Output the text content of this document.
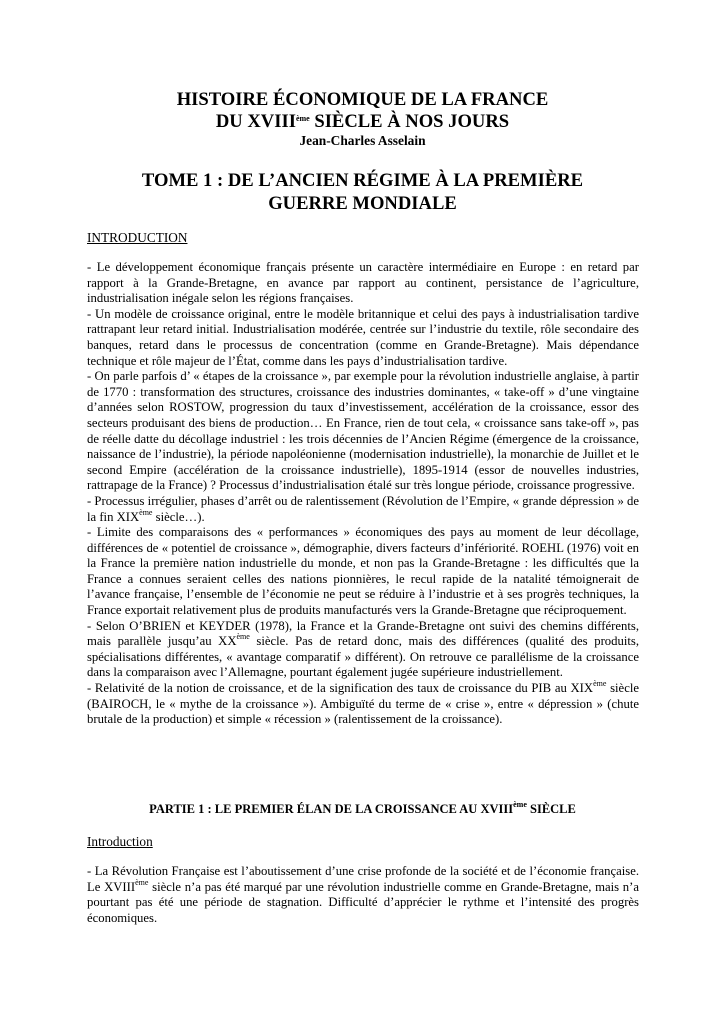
HISTOIRE ÉCONOMIQUE DE LA FRANCE
DU XVIIIème SIÈCLE À NOS JOURS
Jean-Charles Asselain
TOME 1 : DE L’ANCIEN RÉGIME À LA PREMIÈRE
GUERRE MONDIALE
INTRODUCTION

- Le développement économique français présente un caractère intermédiaire en Europe : en retard par rapport à la Grande-Bretagne, en avance par rapport au continent, persistance de l’agriculture, industrialisation inégale selon les régions françaises.

- Un modèle de croissance original, entre le modèle britannique et celui des pays à industrialisation tardive rattrapant leur retard initial. Industrialisation modérée, centrée sur l’industrie du textile, rôle secondaire des banques, retard dans le processus de concentration (comme en Grande-Bretagne). Mais dépendance technique et rôle majeur de l’État, comme dans les pays d’industrialisation tardive.

- On parle parfois d’ « étapes de la croissance », par exemple pour la révolution industrielle anglaise, à partir de 1770 : transformation des structures, croissance des industries dominantes, « take-off » d’une vingtaine d’années selon ROSTOW, progression du taux d’investissement, accélération de la croissance, essor des secteurs produisant des biens de production… En France, rien de tout cela, « croissance sans take-off », pas de réelle datte du décollage industriel : les trois décennies de l’Ancien Régime (émergence de la croissance, naissance de l’industrie), la période napoléonienne (modernisation industrielle), la monarchie de Juillet et le second Empire (accélération de la croissance industrielle), 1895-1914 (essor de nouvelles industries, rattrapage de la France) ? Processus d’industrialisation étalé sur très longue période, croissance progressive.

- Processus irrégulier, phases d’arrêt ou de ralentissement (Révolution de l’Empire, « grande dépression » de la fin XIXème siècle…).

- Limite des comparaisons des « performances » économiques des pays au moment de leur décollage, différences de « potentiel de croissance », démographie, divers facteurs d’infériorité. ROEHL (1976) voit en la France la première nation industrielle du monde, et non pas la Grande-Bretagne : les difficultés que la France a connues seraient celles des nations pionnières, le recul rapide de la natalité témoignerait de l’avance française, l’ensemble de l’économie ne peut se réduire à l’industrie et à ses progrès techniques, la France exportait relativement plus de produits manufacturés vers la Grande-Bretagne que réciproquement.

- Selon O’BRIEN et KEYDER (1978), la France et la Grande-Bretagne ont suivi des chemins différents, mais parallèle jusqu’au XXème siècle. Pas de retard donc, mais des différences (qualité des produits, spécialisations différentes, « avantage comparatif » différent). On retrouve ce parallélisme de la croissance dans la comparaison avec l’Allemagne, pourtant également jugée supérieure industriellement.

- Relativité de la notion de croissance, et de la signification des taux de croissance du PIB au XIXème siècle (BAIROCH, le « mythe de la croissance »). Ambiguïté du terme de « crise », entre « dépression » (chute brutale de la production) et simple « récession » (ralentissement de la croissance).

PARTIE 1 : LE PREMIER ÉLAN DE LA CROISSANCE AU XVIIIème SIÈCLE
Introduction

- La Révolution Française est l’aboutissement d’une crise profonde de la société et de l’économie française. Le XVIIIème siècle n’a pas été marqué par une révolution industrielle comme en Grande-Bretagne, mais n’a pourtant pas été une période de stagnation. Difficulté d’apprécier le rythme et l’intensité des progrès économiques.
